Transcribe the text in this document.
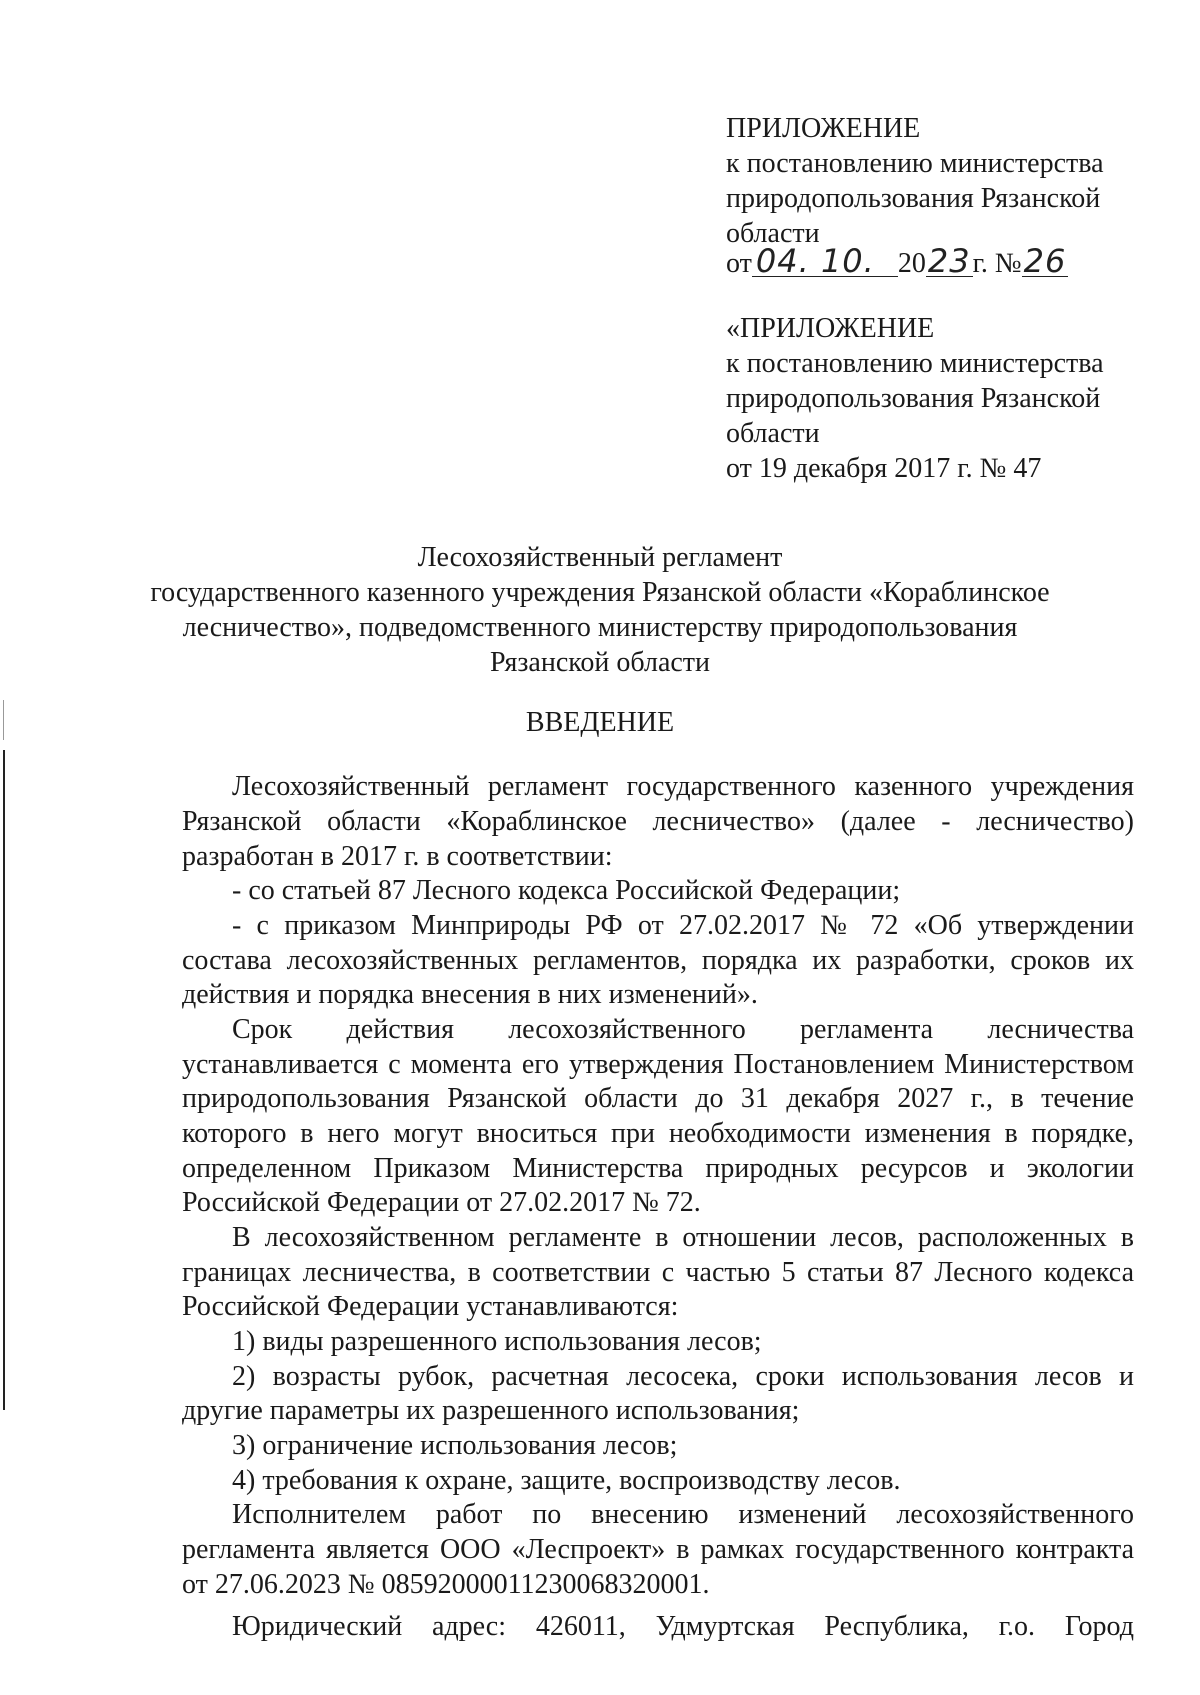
ПРИЛОЖЕНИЕ
к постановлению министерства
природопользования Рязанской
области
от 04. 10. 2023г. №26
«ПРИЛОЖЕНИЕ
к постановлению министерства
природопользования Рязанской
области
от 19 декабря 2017 г. № 47
Лесохозяйственный регламент
государственного казенного учреждения Рязанской области «Кораблинское
лесничество», подведомственного министерству природопользования
Рязанской области
ВВЕДЕНИЕ
Лесохозяйственный регламент государственного казенного учреждения
Рязанской области «Кораблинское лесничество» (далее - лесничество)
разработан в 2017 г. в соответствии:
- со статьей 87 Лесного кодекса Российской Федерации;
- с приказом Минприроды РФ от 27.02.2017 № 72 «Об утверждении
состава лесохозяйственных регламентов, порядка их разработки, сроков их
действия и порядка внесения в них изменений».
Срок действия лесохозяйственного регламента лесничества
устанавливается с момента его утверждения Постановлением Министерством
природопользования Рязанской области до 31 декабря 2027 г., в течение
которого в него могут вноситься при необходимости изменения в порядке,
определенном Приказом Министерства природных ресурсов и экологии
Российской Федерации от 27.02.2017 № 72.
В лесохозяйственном регламенте в отношении лесов, расположенных в
границах лесничества, в соответствии с частью 5 статьи 87 Лесного кодекса
Российской Федерации устанавливаются:
1) виды разрешенного использования лесов;
2) возрасты рубок, расчетная лесосека, сроки использования лесов и
другие параметры их разрешенного использования;
3) ограничение использования лесов;
4) требования к охране, защите, воспроизводству лесов.
Исполнителем работ по внесению изменений лесохозяйственного
регламента является ООО «Леспроект» в рамках государственного контракта
от 27.06.2023 № 0859200001123006832000​1.
Юридический адрес: 426011, Удмуртская Республика, г.о. Город
